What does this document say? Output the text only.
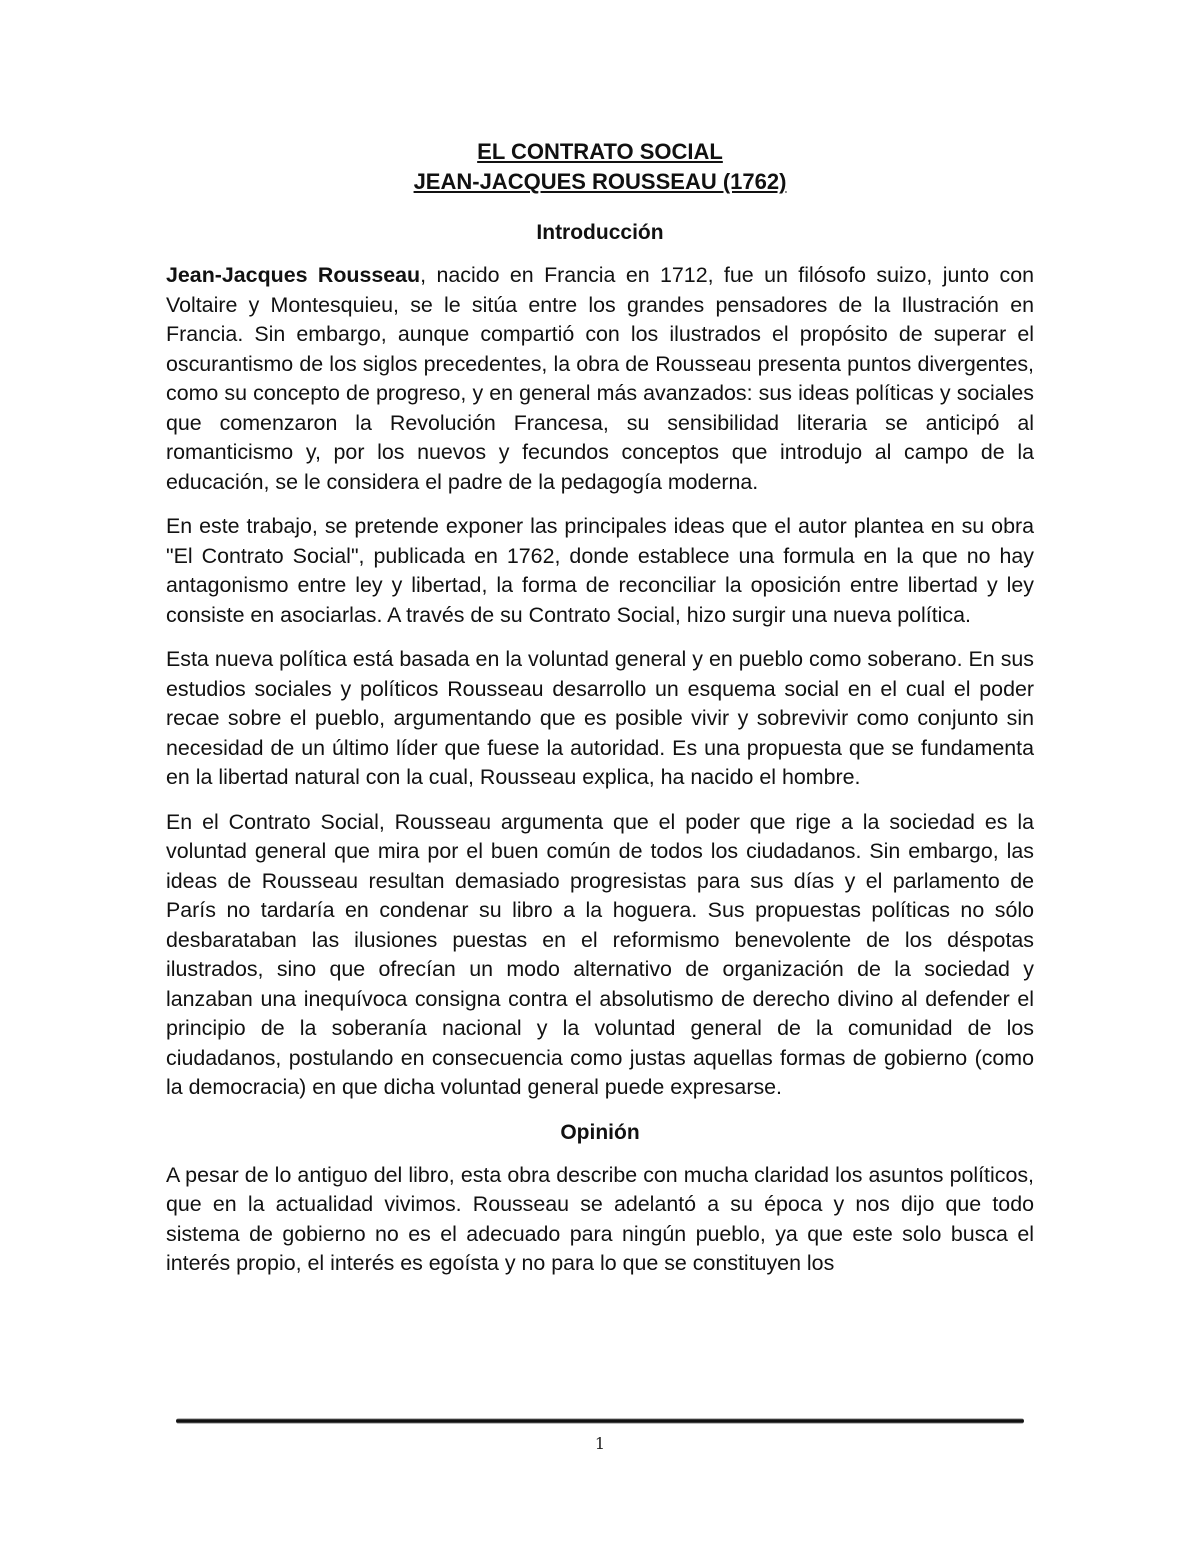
EL CONTRATO SOCIAL

JEAN-JACQUES ROUSSEAU (1762)

Introducción

Jean-Jacques Rousseau, nacido en Francia en 1712, fue un filósofo suizo, junto con Voltaire y Montesquieu, se le sitúa entre los grandes pensadores de la Ilustración en Francia. Sin embargo, aunque compartió con los ilustrados el propósito de superar el oscurantismo de los siglos precedentes, la obra de Rousseau presenta puntos divergentes, como su concepto de progreso, y en general más avanzados: sus ideas políticas y sociales que comenzaron la Revolución Francesa, su sensibilidad literaria se anticipó al romanticismo y, por los nuevos y fecundos conceptos que introdujo al campo de la educación, se le considera el padre de la pedagogía moderna.

En este trabajo, se pretende exponer las principales ideas que el autor plantea en su obra "El Contrato Social", publicada en 1762, donde establece una formula en la que no hay antagonismo entre ley y libertad, la forma de reconciliar la oposición entre libertad y ley consiste en asociarlas. A través de su Contrato Social, hizo surgir una nueva política.

Esta nueva política está basada en la voluntad general y en pueblo como soberano. En sus estudios sociales y políticos Rousseau desarrollo un esquema social en el cual el poder recae sobre el pueblo, argumentando que es posible vivir y sobrevivir como conjunto sin necesidad de un último líder que fuese la autoridad. Es una propuesta que se fundamenta en la libertad natural con la cual, Rousseau explica, ha nacido el hombre.

En el Contrato Social, Rousseau argumenta que el poder que rige a la sociedad es la voluntad general que mira por el buen común de todos los ciudadanos. Sin embargo, las ideas de Rousseau resultan demasiado progresistas para sus días y el parlamento de París no tardaría en condenar su libro a la hoguera. Sus propuestas políticas no sólo desbarataban las ilusiones puestas en el reformismo benevolente de los déspotas ilustrados, sino que ofrecían un modo alternativo de organización de la sociedad y lanzaban una inequívoca consigna contra el absolutismo de derecho divino al defender el principio de la soberanía nacional y la voluntad general de la comunidad de los ciudadanos, postulando en consecuencia como justas aquellas formas de gobierno (como la democracia) en que dicha voluntad general puede expresarse.

Opinión

A pesar de lo antiguo del libro, esta obra describe con mucha claridad los asuntos políticos, que en la actualidad vivimos. Rousseau se adelantó a su época y nos dijo que todo sistema de gobierno no es el adecuado para ningún pueblo, ya que este solo busca el interés propio, el interés es egoísta y no para lo que se constituyen los

1
